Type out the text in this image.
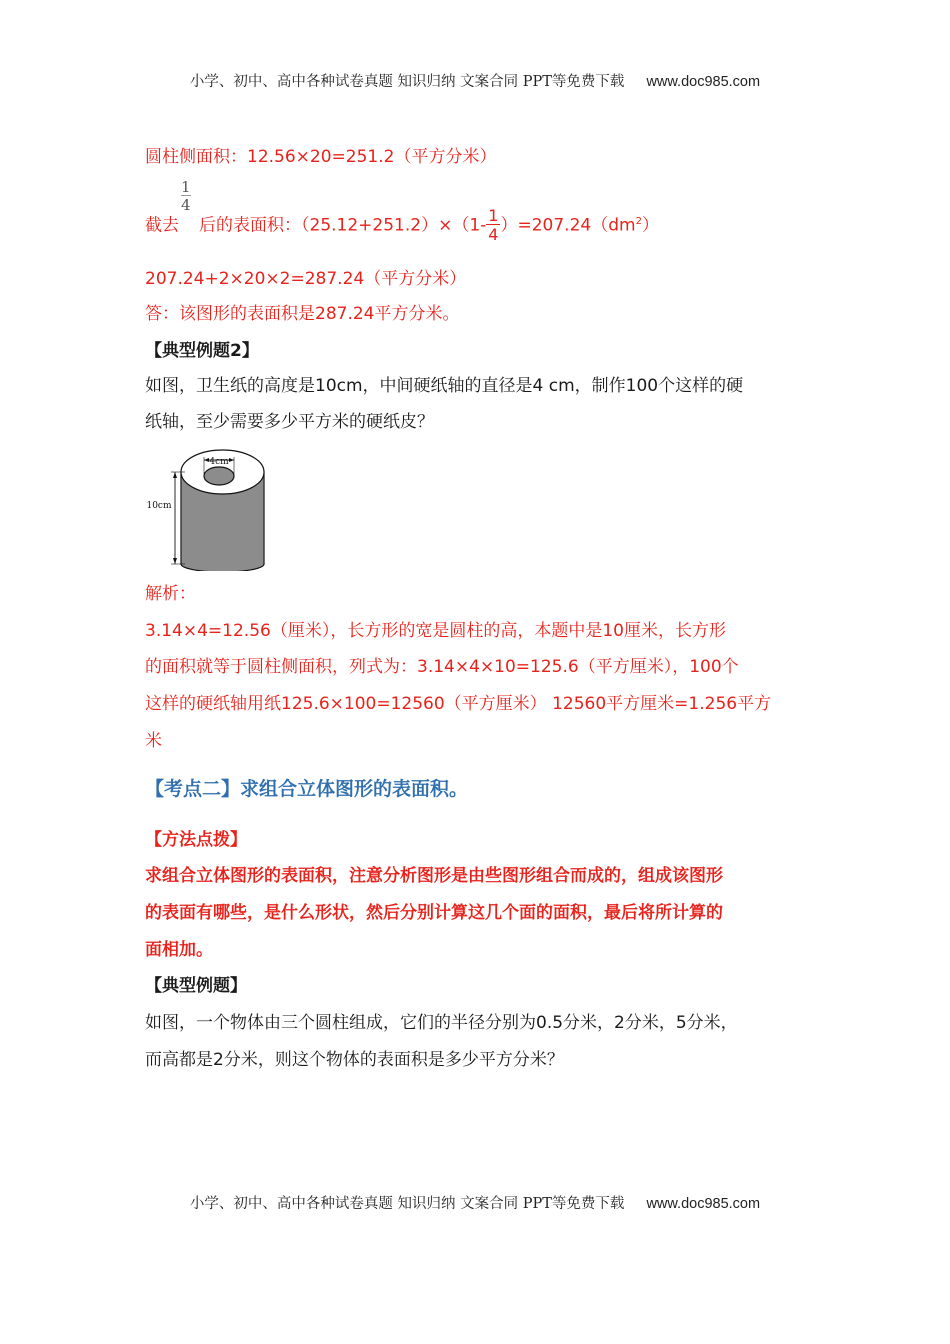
小学、初中、高中各种试卷真题 知识归纳 文案合同 PPT等免费下载 www.doc985.com
圆柱侧面积：12.56×20=251.2（平方分米）
1
4
截去 后的表面积：$(25.12+251.2)\times(1- \frac{1}{4} )=207.24(dm^2)$
207.24+2×20×2=287.24（平方分米）
答：该图形的表面积是287.24平方分米。
【典型例题2】
如图，卫生纸的高度是10cm，中间硬纸轴的直径是4 cm，制作100个这样的硬
纸轴，至少需要多少平方米的硬纸皮？
4cm
10cm
解析：
3.14×4=12.56（厘米），长方形的宽是圆柱的高，本题中是10厘米，长方形
的面积就等于圆柱侧面积，列式为：3.14×4×10=125.6（平方厘米），100个
这样的硬纸轴用纸125.6×100=12560（平方厘米） 12560平方厘米=1.256平方
米
【考点二】求组合立体图形的表面积。
【方法点拨】
求组合立体图形的表面积，注意分析图形是由些图形组合而成的，组成该图形
的表面有哪些，是什么形状，然后分别计算这几个面的面积，最后将所计算的
面相加。
【典型例题】
如图，一个物体由三个圆柱组成，它们的半径分别为0.5分米，2分米，5分米，
而高都是2分米，则这个物体的表面积是多少平方分米？
小学、初中、高中各种试卷真题 知识归纳 文案合同 PPT等免费下载 www.doc985.com
